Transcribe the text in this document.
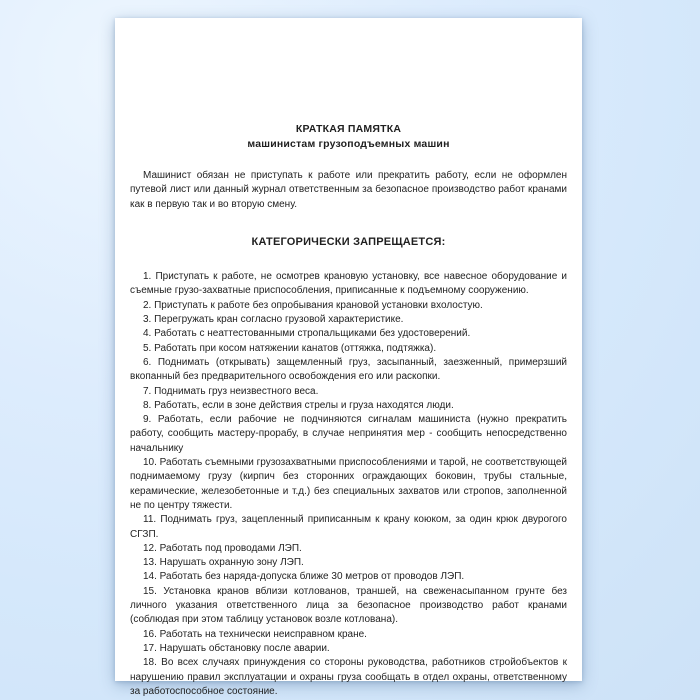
КРАТКАЯ ПАМЯТКА
машинистам грузоподъемных машин

Машинист обязан не приступать к работе или прекратить работу, если не оформлен путевой лист или данный журнал ответственным за безопасное производство работ кранами как в первую так и во вторую смену.

КАТЕГОРИЧЕСКИ ЗАПРЕЩАЕТСЯ:

1. Приступать к работе, не осмотрев крановую установку, все навесное оборудование и съемные грузо-захватные приспособления, приписанные к подъемному сооружению.

2. Приступать к работе без опробывания крановой установки вхолостую.

3. Перегружать кран согласно грузовой характеристике.

4. Работать с неаттестованными стропальщиками без удостоверений.

5. Работать при косом натяжении канатов (оттяжка, подтяжка).

6. Поднимать (открывать) защемленный груз, засыпанный, заезженный, примерзший вкопанный без предварительного освобождения его или раскопки.

7. Поднимать груз неизвестного веса.

8. Работать, если в зоне действия стрелы и груза находятся люди.

9. Работать, если рабочие не подчиняются сигналам машиниста (нужно прекратить работу, сообщить мастеру-прорабу, в случае непринятия мер - сообщить непосредственно начальнику

10. Работать съемными грузозахватными приспособлениями и тарой, не соответствующей поднимаемому грузу (кирпич без сторонних ограждающих боковин, трубы стальные, керамические, железобетонные и т.д.) без специальных захватов или стропов, заполненной не по центру тяжести.

11. Поднимать груз, зацепленный приписанным к крану коюком, за один крюк двурогого СГЗП.

12. Работать под проводами ЛЭП.

13. Нарушать охранную зону ЛЭП.

14. Работать без наряда-допуска ближе 30 метров от проводов ЛЭП.

15. Установка кранов вблизи котлованов, траншей, на свеженасыпанном грунте без личного указания ответственного лица за безопасное производство работ кранами (соблюдая при этом таблицу установок возле котлована).

16. Работать на технически неисправном кране.

17. Нарушать обстановку после аварии.

18. Во всех случаях принуждения со стороны руководства, работников стройобъектов к нарушению правил эксплуатации и охраны груза сообщать в отдел охраны, ответственному за работоспособное состояние.
